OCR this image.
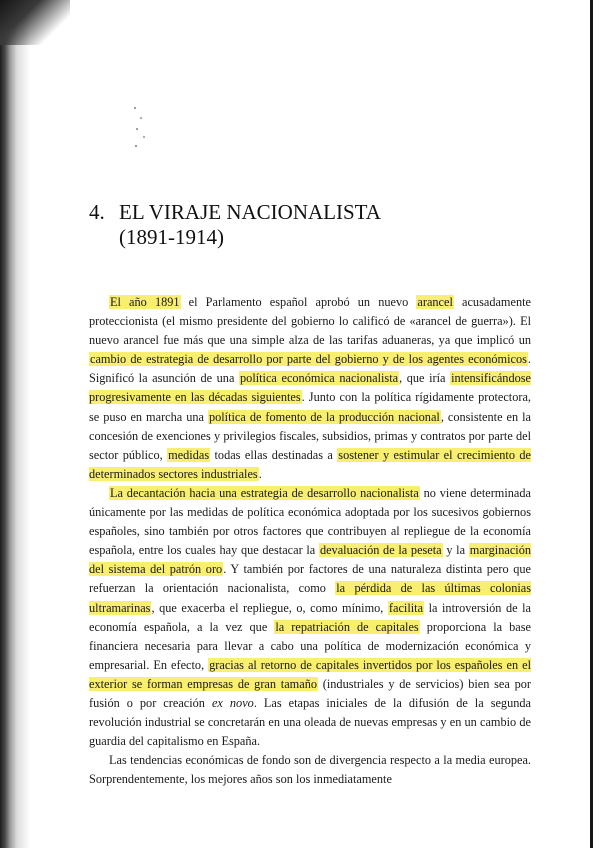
4. EL VIRAJE NACIONALISTA
(1891-1914)

El año 1891 el Parlamento español aprobó un nuevo arancel acusadamente proteccionista (el mismo presidente del gobierno lo calificó de «arancel de guerra»). El nuevo arancel fue más que una simple alza de las tarifas aduaneras, ya que implicó un cambio de estrategia de desarrollo por parte del gobierno y de los agentes económicos. Significó la asunción de una política económica nacionalista, que iría intensificándose progresivamente en las décadas siguientes. Junto con la política rígidamente protectora, se puso en marcha una política de fomento de la producción nacional, consistente en la concesión de exenciones y privilegios fiscales, subsidios, primas y contratos por parte del sector público, medidas todas ellas destinadas a sostener y estimular el crecimiento de determinados sectores industriales.

La decantación hacia una estrategia de desarrollo nacionalista no viene determinada únicamente por las medidas de política económica adoptada por los sucesivos gobiernos españoles, sino también por otros factores que contribuyen al repliegue de la economía española, entre los cuales hay que destacar la devaluación de la peseta y la marginación del sistema del patrón oro. Y también por factores de una naturaleza distinta pero que refuerzan la orientación nacionalista, como la pérdida de las últimas colonias ultramarinas, que exacerba el repliegue, o, como mínimo, facilita la introversión de la economía española, a la vez que la repatriación de capitales proporciona la base financiera necesaria para llevar a cabo una política de modernización económica y empresarial. En efecto, gracias al retorno de capitales invertidos por los españoles en el exterior se forman empresas de gran tamaño (industriales y de servicios) bien sea por fusión o por creación ex novo. Las etapas iniciales de la difusión de la segunda revolución industrial se concretarán en una oleada de nuevas empresas y en un cambio de guardia del capitalismo en España.

Las tendencias económicas de fondo son de divergencia respecto a la media europea. Sorprendentemente, los mejores años son los inmediatamente
